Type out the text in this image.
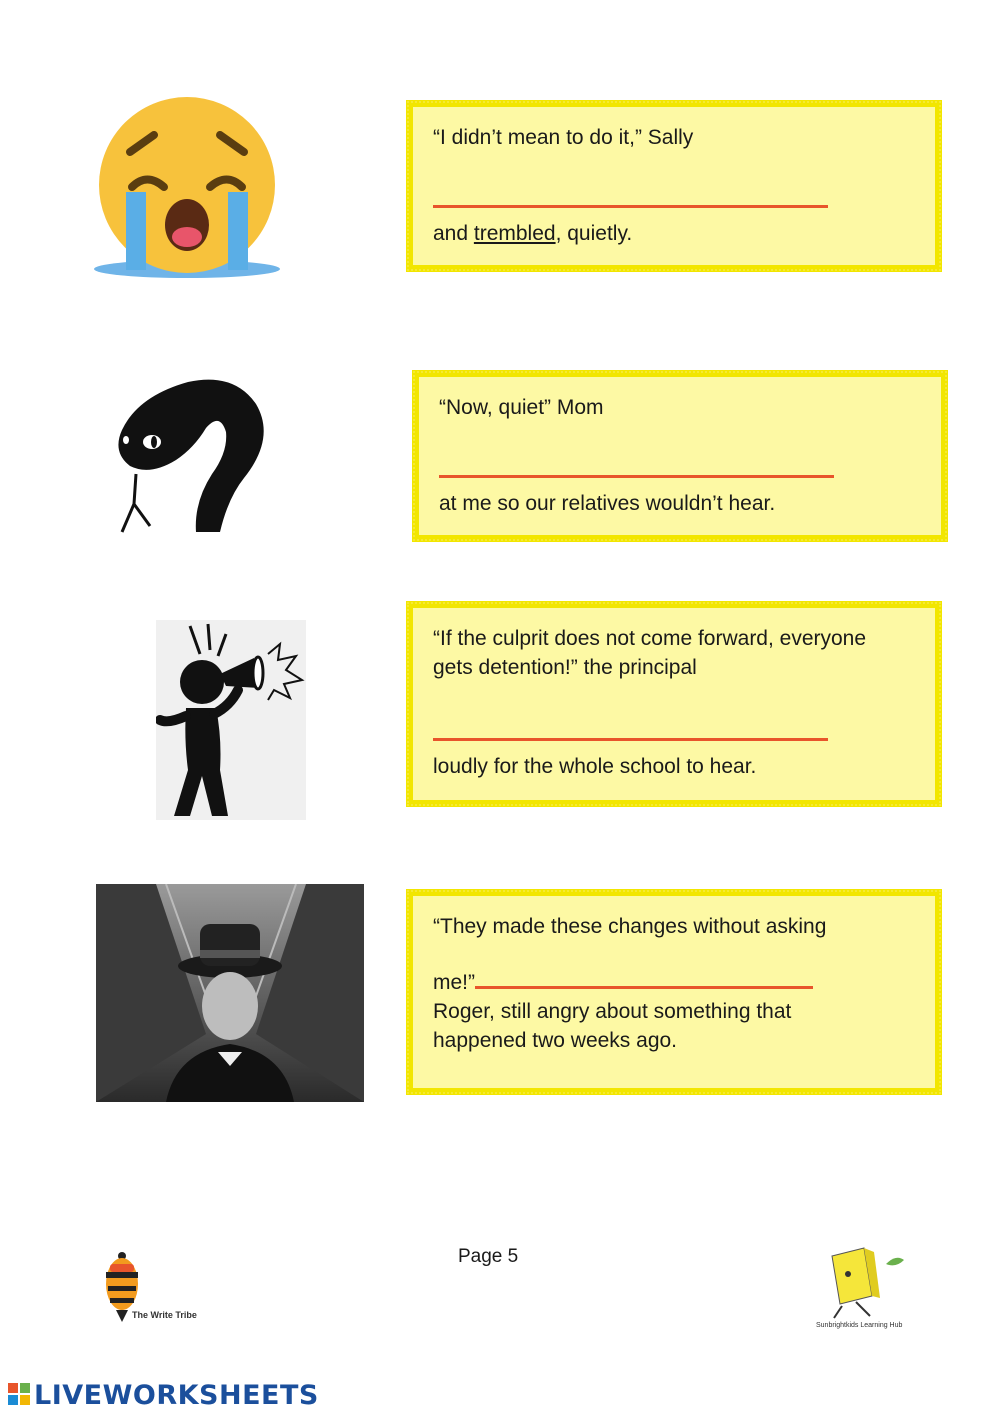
“I didn’t mean to do it,” Sally
and trembled, quietly.
“Now, quiet” Mom
at me so our relatives wouldn’t hear.
“If the culprit does not come forward, everyone
gets detention!” the principal
loudly for the whole school to hear.
“They made these changes without asking
me!”
Roger, still angry about something that
happened two weeks ago.
Page 5
The Write Tribe
Sunbrightkids Learning Hub
LIVEWORKSHEETS
